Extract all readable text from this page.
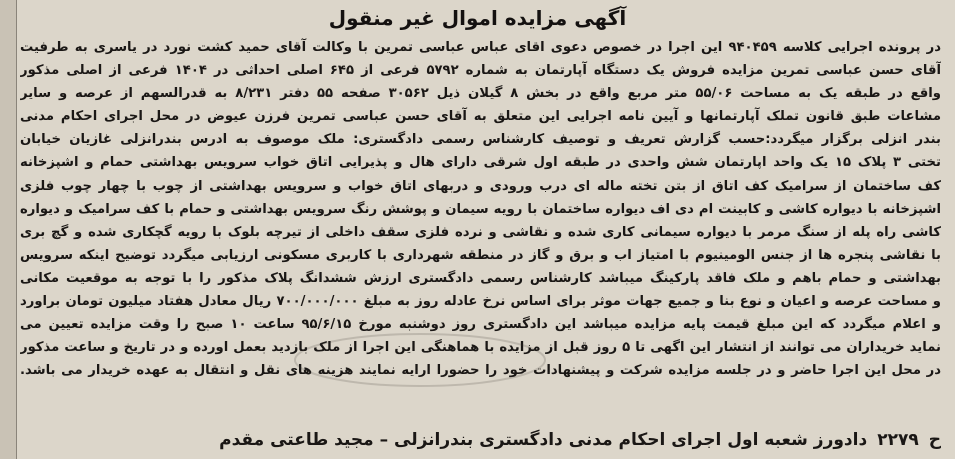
آگهی مزایده اموال غیر منقول
در پرونده اجرایی کلاسه ۹۴۰۴۵۹ این اجرا در خصوص دعوی اقای عباس عباسی تمرین با وکالت آقای حمید کشت نورد در یاسری به طرفیت
آقای حسن عباسی تمرین مزایده فروش یک دستگاه آپارتمان به شماره ۵۷۹۲ فرعی از ۶۴۵ اصلی احداثی در ۱۴۰۴ فرعی از اصلی مذکور
واقع در طبقه یک به مساحت ۵۵/۰۶ متر مربع واقع در بخش ۸ گیلان ذیل ۳۰۵۶۲ صفحه ۵۵ دفتر ۸/۲۳۱ به قدرالسهم از عرصه و سایر
مشاعات طبق قانون تملک آپارتمانها و آیین نامه اجرایی این متعلق به آقای حسن عباسی تمرین فرزن عیوض در محل اجرای احکام مدنی
بندر انزلی برگزار میگردد:حسب گزارش تعریف و توصیف کارشناس رسمی دادگستری: ملک موصوف به ادرس بندرانزلی غازیان خیابان
تختی ۳ پلاک ۱۵ یک واحد اپارتمان شش واحدی در طبقه اول شرقی دارای هال و پذیرایی اتاق خواب سرویس بهداشتی حمام و اشپزخانه
کف ساختمان از سرامیک کف اتاق از بتن تخته ماله ای درب ورودی و دربهای اتاق خواب و سرویس بهداشتی از چوب با چهار چوب فلزی
اشپزخانه با دیواره کاشی و کابینت ام دی اف دیواره ساختمان با رویه سیمان و پوشش رنگ سرویس بهداشتی و حمام با کف سرامیک و دیواره
کاشی راه پله از سنگ مرمر با دیواره سیمانی کاری شده و نقاشی و نرده فلزی سقف داخلی از تیرچه بلوک با رویه گچکاری شده و گچ بری
با نقاشی پنجره ها از جنس الومینیوم با امتیاز اب و برق و گاز در منطقه شهرداری با کاربری مسکونی ارزیابی میگردد توضیح اینکه سرویس
بهداشتی و حمام باهم و ملک فاقد پارکینگ میباشد کارشناس رسمی دادگستری ارزش ششدانگ پلاک مذکور را با توجه به موقعیت مکانی
و مساحت عرصه و اعیان و نوع بنا و جمیع جهات موثر برای اساس نرخ عادله روز به مبلغ ۷۰۰/۰۰۰/۰۰۰ ریال معادل هفتاد میلیون تومان براورد
و اعلام میگردد که این مبلغ قیمت پایه مزایده میباشد این دادگستری روز دوشنبه مورخ ۹۵/۶/۱۵ ساعت ۱۰ صبح را وقت مزایده تعیین می
نماید خریداران می توانند از انتشار این اگهی تا ۵ روز قبل از مزایده با هماهنگی این اجرا از ملک بازدید بعمل اورده و در تاریخ و ساعت مذکور
در محل این اجرا حاضر و در جلسه مزایده شرکت و پیشنهادات خود را حضورا ارایه نمایند هزینه های نقل و انتقال به عهده خریدار می باشد.
ح
۲۲۷۹
دادورز شعبه اول اجرای احکام مدنی دادگستری بندرانزلی – مجید طاعتی مقدم
